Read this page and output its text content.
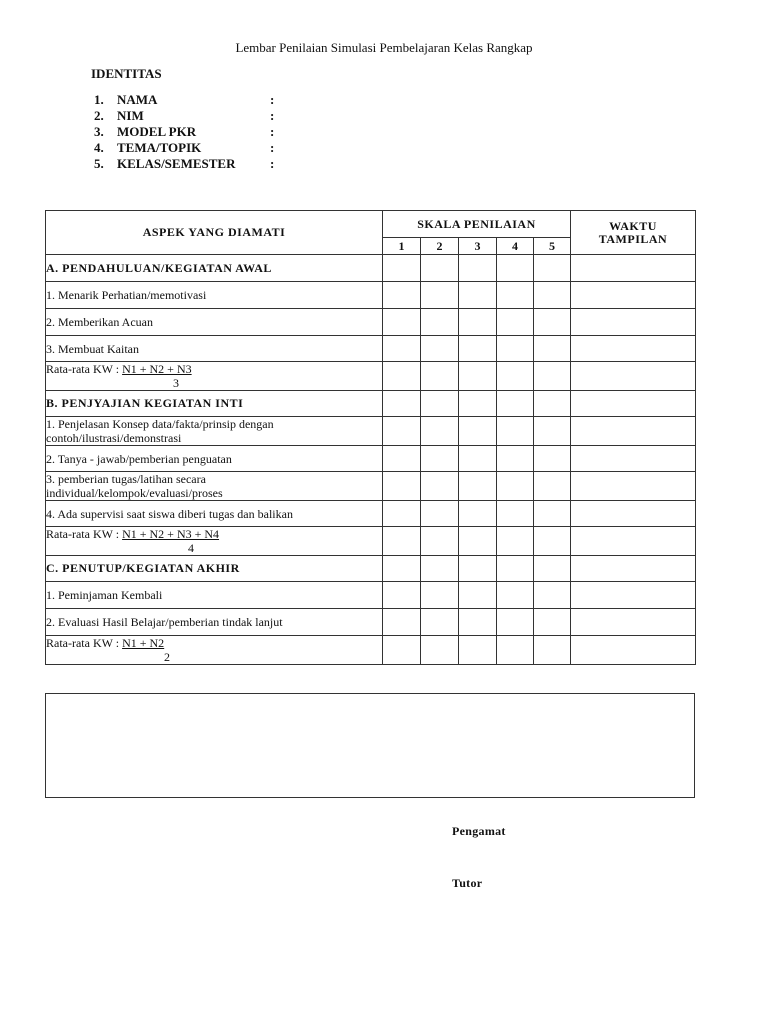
Lembar Penilaian Simulasi Pembelajaran Kelas Rangkap
IDENTITAS
1.	NAMA	:
2.	NIM	:
3.	MODEL PKR	:
4.	TEMA/TOPIK	:
5.	KELAS/SEMESTER	:
ASPEK YANG DIAMATI	SKALA PENILAIAN					WAKTU
TAMPILAN
	1	2	3	4	5	
A. PENDAHULUAN/KEGIATAN AWAL						
1. Menarik Perhatian/memotivasi						
2. Memberikan Acuan						
3. Membuat Kaitan						
Rata-rata KW : N1 + N2 + N3
3						

B. PENJYAJIAN KEGIATAN INTI						
1. Penjelasan Konsep data/fakta/prinsip dengan
contoh/ilustrasi/demonstrasi						
2. Tanya - jawab/pemberian penguatan						
3. pemberian tugas/latihan secara
individual/kelompok/evaluasi/proses						
4. Ada supervisi saat siswa diberi tugas dan balikan						
Rata-rata KW : N1 + N2 + N3 + N4
4						

C. PENUTUP/KEGIATAN AKHIR						
1. Peminjaman Kembali						
2. Evaluasi Hasil Belajar/pemberian tindak lanjut						
Rata-rata KW : N1 + N2
2						

Pengamat
Tutor
